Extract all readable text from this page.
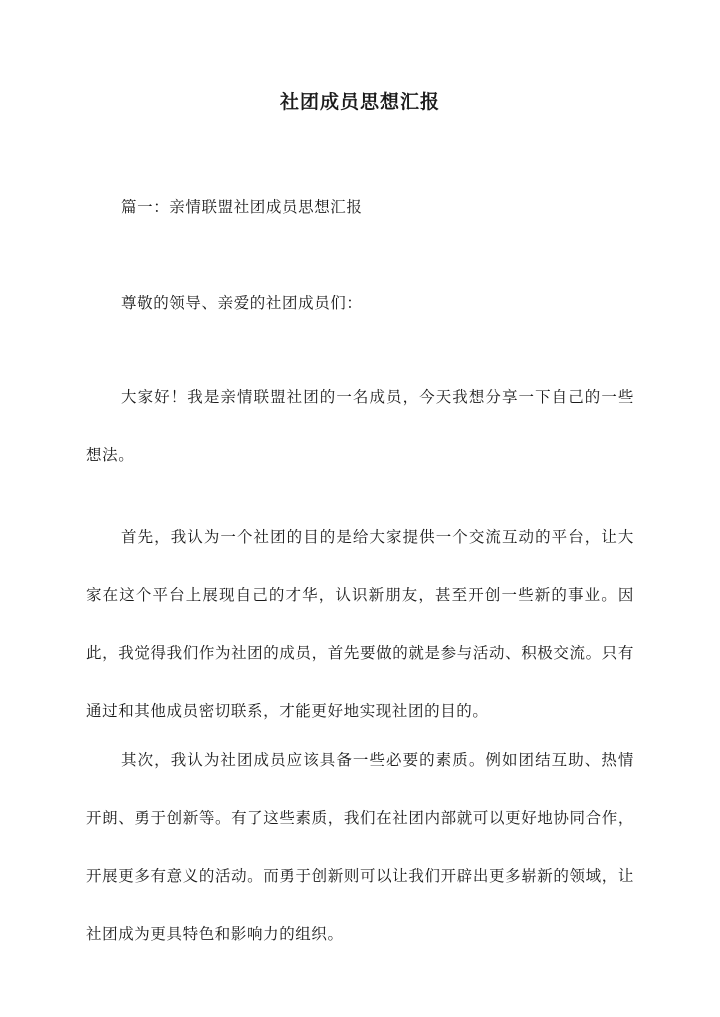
社团成员思想汇报

篇一：亲情联盟社团成员思想汇报

尊敬的领导、亲爱的社团成员们：

大家好！我是亲情联盟社团的一名成员，今天我想分享一下自己的一些想法。

首先，我认为一个社团的目的是给大家提供一个交流互动的平台，让大家在这个平台上展现自己的才华，认识新朋友，甚至开创一些新的事业。因此，我觉得我们作为社团的成员，首先要做的就是参与活动、积极交流。只有通过和其他成员密切联系，才能更好地实现社团的目的。

其次，我认为社团成员应该具备一些必要的素质。例如团结互助、热情开朗、勇于创新等。有了这些素质，我们在社团内部就可以更好地协同合作，开展更多有意义的活动。而勇于创新则可以让我们开辟出更多崭新的领域，让社团成为更具特色和影响力的组织。
